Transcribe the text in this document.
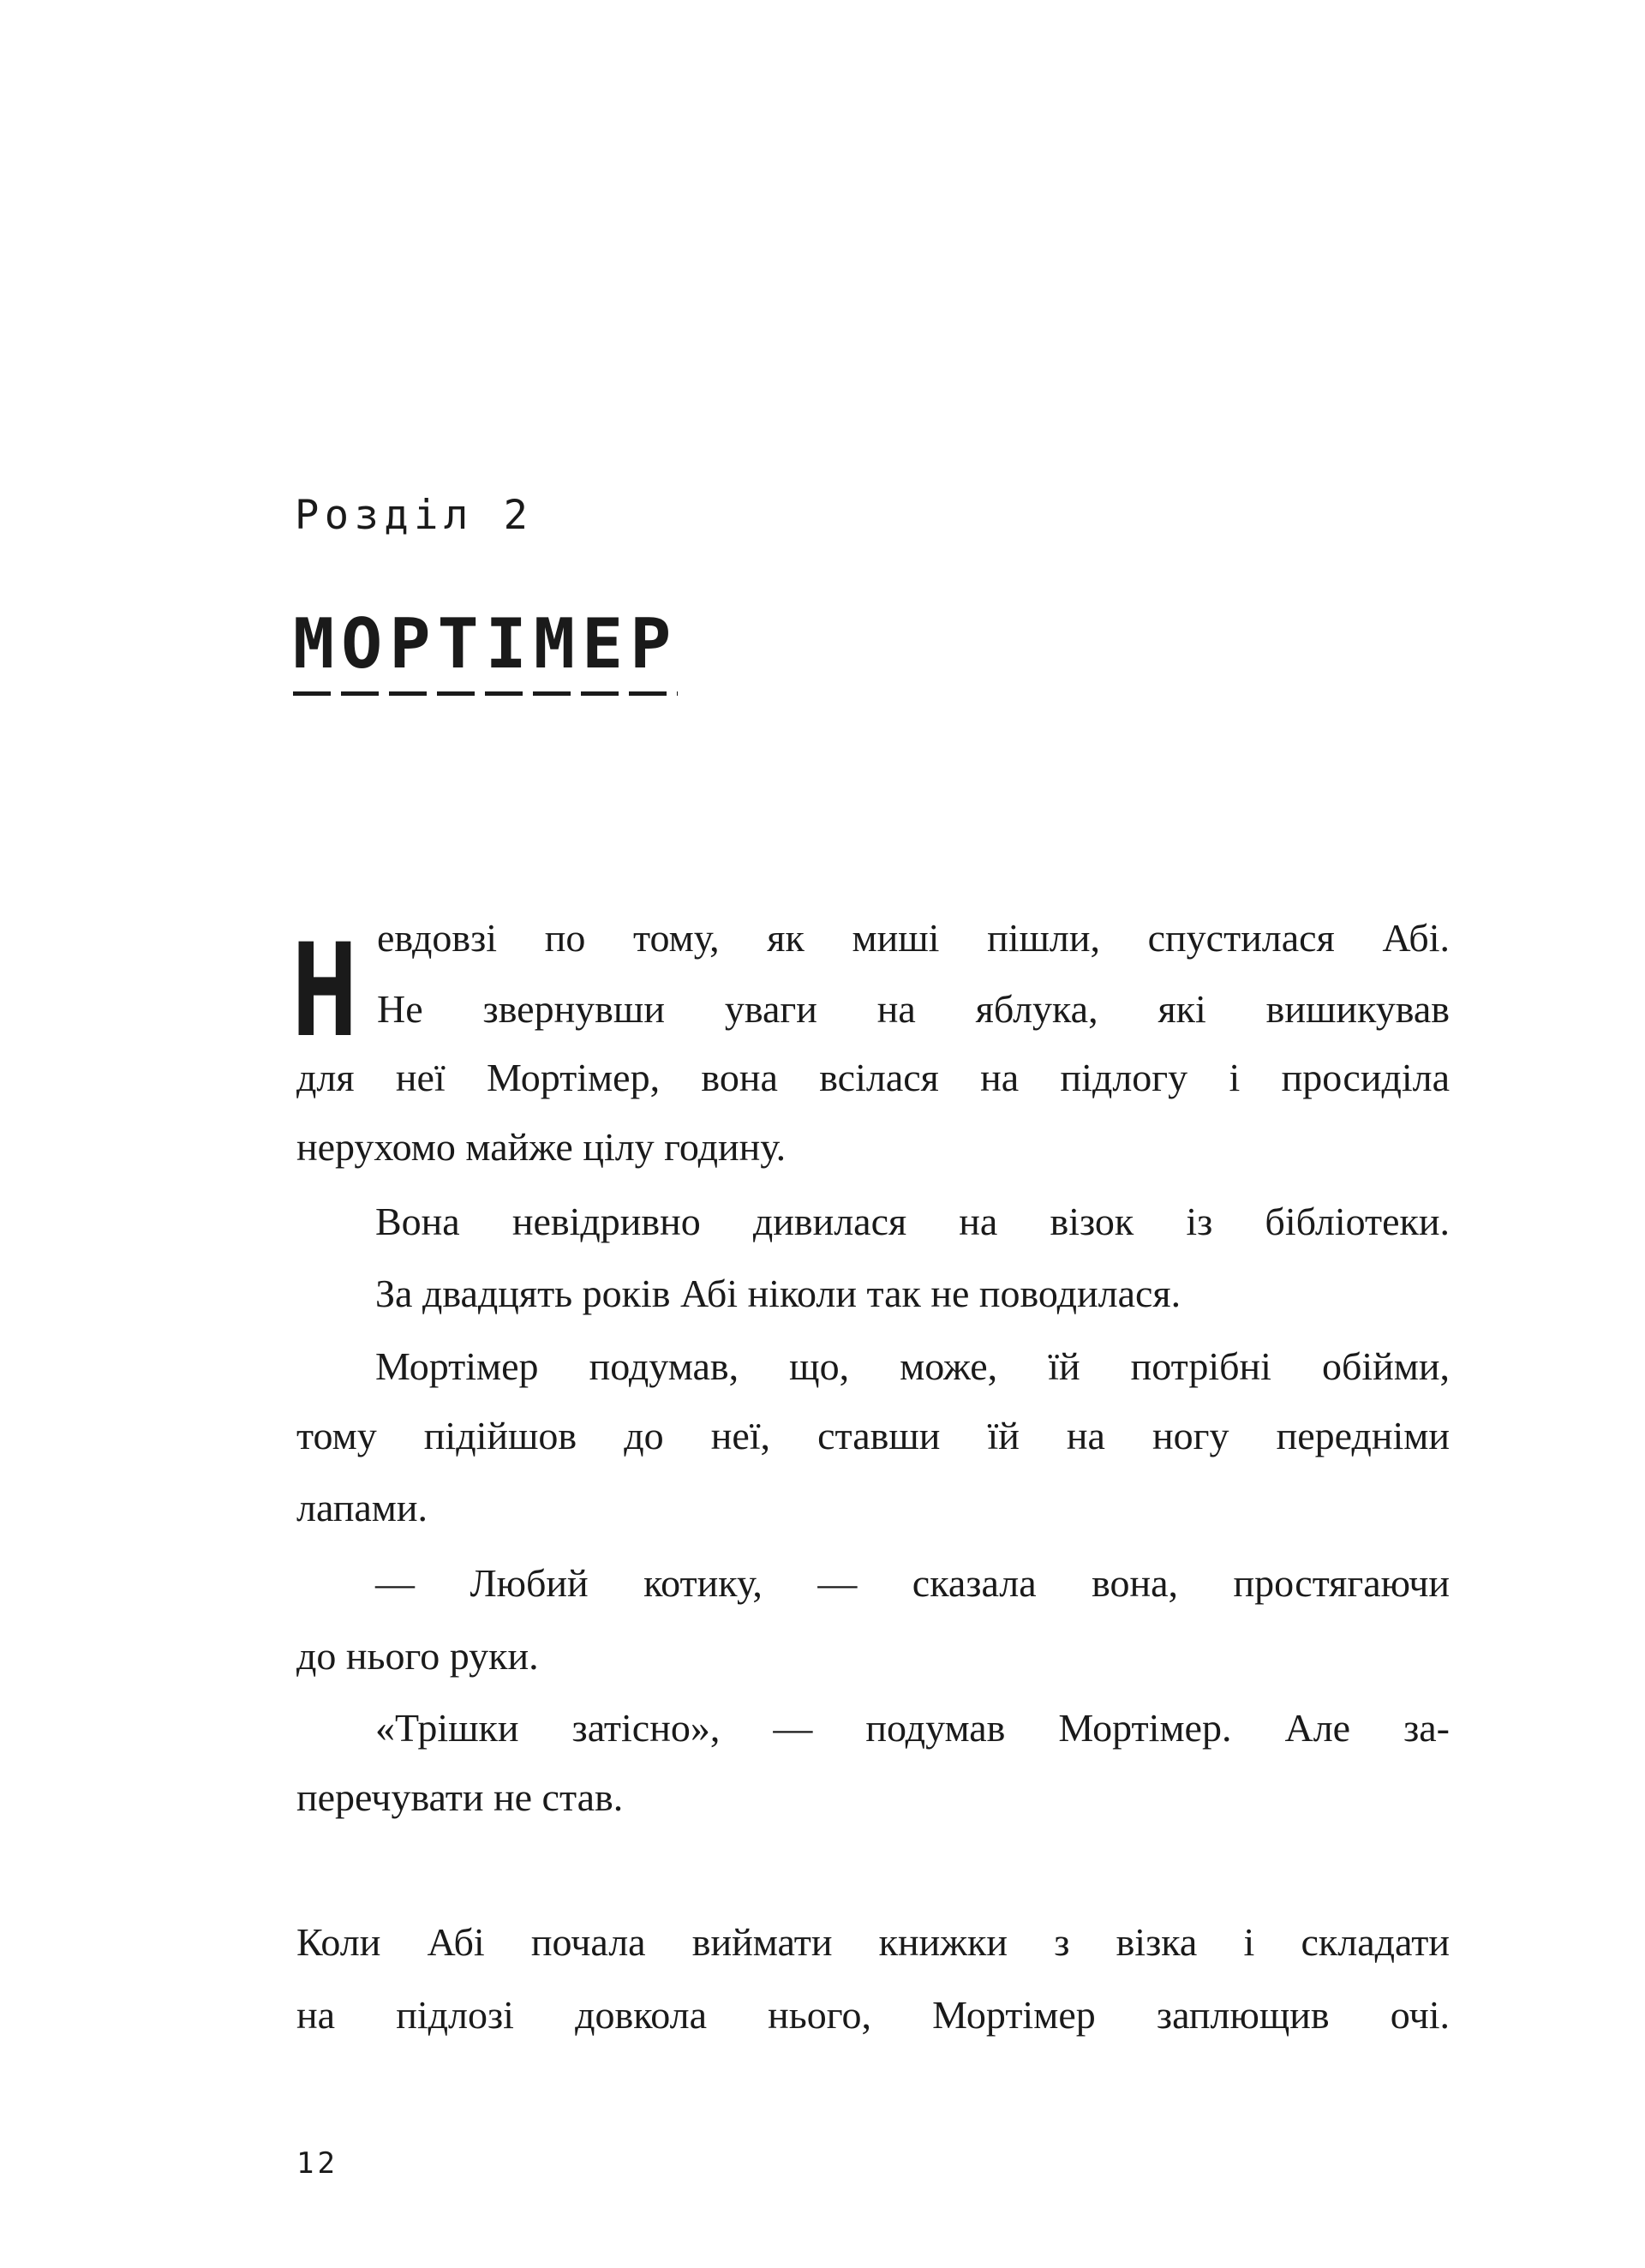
Розділ 2
МОРТІМЕР
Н евдовзі по тому, як миші пішли, спустилася Абі.
Не звернувши уваги на яблука, які вишикував
для неї Мортімер, вона всілася на підлогу і просиділа
нерухомо майже цілу годину.
Вона невідривно дивилася на візок із бібліотеки.
За двадцять років Абі ніколи так не поводилася.
Мортімер подумав, що, може, їй потрібні обійми,
тому підійшов до неї, ставши їй на ногу передніми
лапами.
— Любий котику, — сказала вона, простягаючи
до нього руки.
«Трішки затісно», — подумав Мортімер. Але за-
перечувати не став.
Коли Абі почала виймати книжки з візка і складати
на підлозі довкола нього, Мортімер заплющив очі.
12
